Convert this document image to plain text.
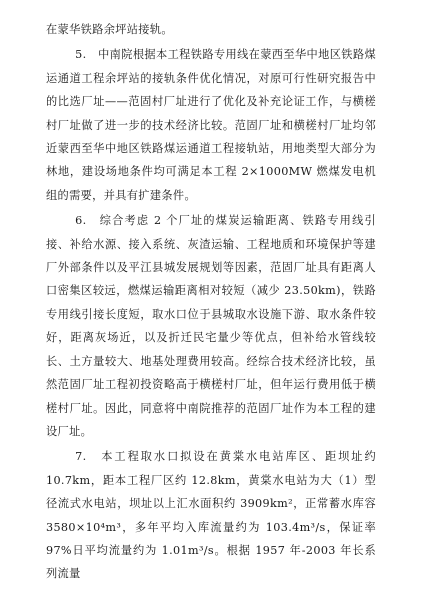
在蒙华铁路余坪站接轨。

5.　中南院根据本工程铁路专用线在蒙西至华中地区铁路煤运通道工程余坪站的接轨条件优化情况，对原可行性研究报告中的比选厂址——范固村厂址进行了优化及补充论证工作，与横槎村厂址做了进一步的技术经济比较。范固厂址和横槎村厂址均邻近蒙西至华中地区铁路煤运通道工程接轨站，用地类型大部分为林地，建设场地条件均可满足本工程 2×1000MW 燃煤发电机组的需要，并具有扩建条件。

6.　综合考虑 2 个厂址的煤炭运输距离、铁路专用线引接、补给水源、接入系统、灰渣运输、工程地质和环境保护等建厂外部条件以及平江县城发展规划等因素，范固厂址具有距离人口密集区较远，燃煤运输距离相对较短（减少 23.50km)，铁路专用线引接长度短，取水口位于县城取水设施下游、取水条件较好，距离灰场近，以及折迁民宅量少等优点，但补给水管线较长、土方量较大、地基处理费用较高。经综合技术经济比较，虽然范固厂址工程初投资略高于横槎村厂址，但年运行费用低于横槎村厂址。因此，同意将中南院推荐的范固厂址作为本工程的建设厂址。

7.　本工程取水口拟设在黄棠水电站库区、距坝址约 10.7km，距本工程厂区约 12.8km，黄棠水电站为大（1）型径流式水电站，坝址以上汇水面积约 3909km²，正常蓄水库容 3580×10⁴m³，多年平均入库流量约为 103.4m³/s，保证率 97%日平均流量约为 1.01m³/s。根据 1957 年-2003 年长系列流量
